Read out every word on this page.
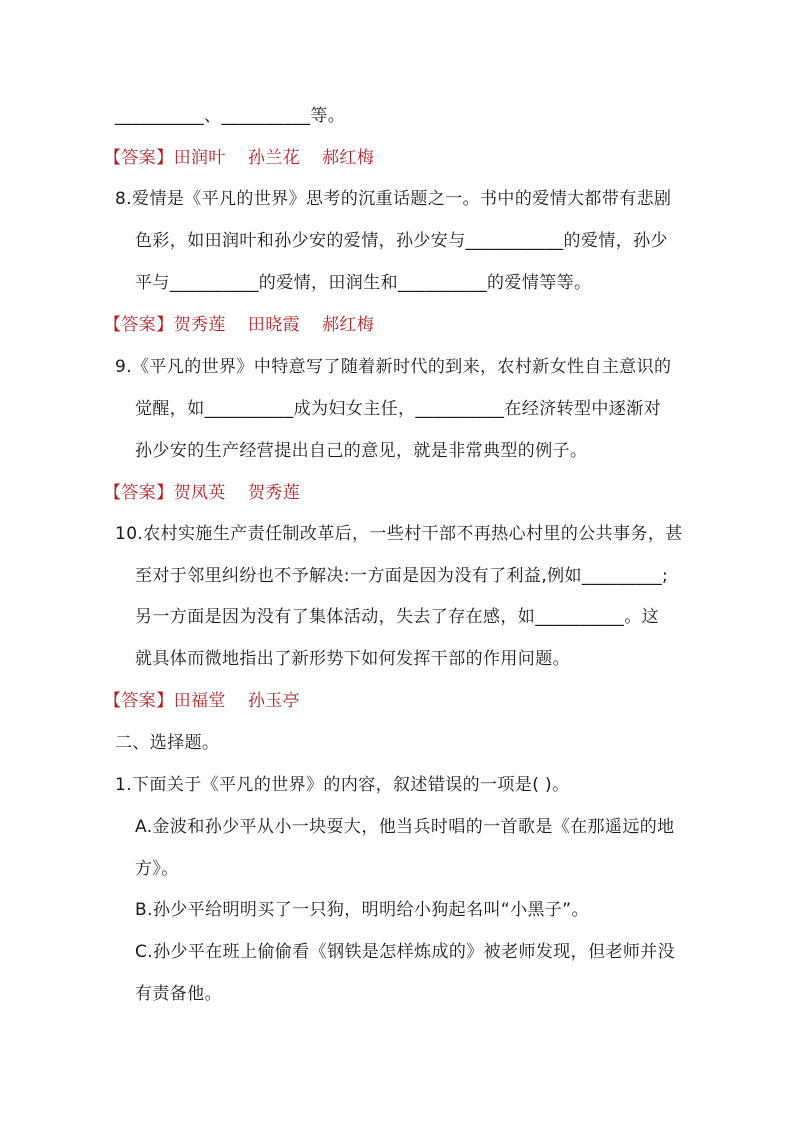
__________、__________等。
【答案】田润叶 孙兰花 郝红梅
8.爱情是《平凡的世界》思考的沉重话题之一。书中的爱情大都带有悲剧
色彩，如田润叶和孙少安的爱情，孙少安与___________的爱情，孙少
平与__________的爱情，田润生和__________的爱情等等。
【答案】贺秀莲 田晓霞 郝红梅
9.《平凡的世界》中特意写了随着新时代的到来，农村新女性自主意识的
觉醒，如__________成为妇女主任，__________在经济转型中逐渐对
孙少安的生产经营提出自己的意见，就是非常典型的例子。
【答案】贺凤英 贺秀莲
10.农村实施生产责任制改革后，一些村干部不再热心村里的公共事务，甚
至对于邻里纠纷也不予解决:一方面是因为没有了利益,例如_________;
另一方面是因为没有了集体活动，失去了存在感，如__________。这
就具体而微地指出了新形势下如何发挥干部的作用问题。
【答案】田福堂 孙玉亭
二、选择题。
1.下面关于《平凡的世界》的内容，叙述错误的一项是( )。
A.金波和孙少平从小一块耍大，他当兵时唱的一首歌是《在那遥远的地
方》。
B.孙少平给明明买了一只狗，明明给小狗起名叫“小黑子”。
C.孙少平在班上偷偷看《钢铁是怎样炼成的》被老师发现，但老师并没
有责备他。
